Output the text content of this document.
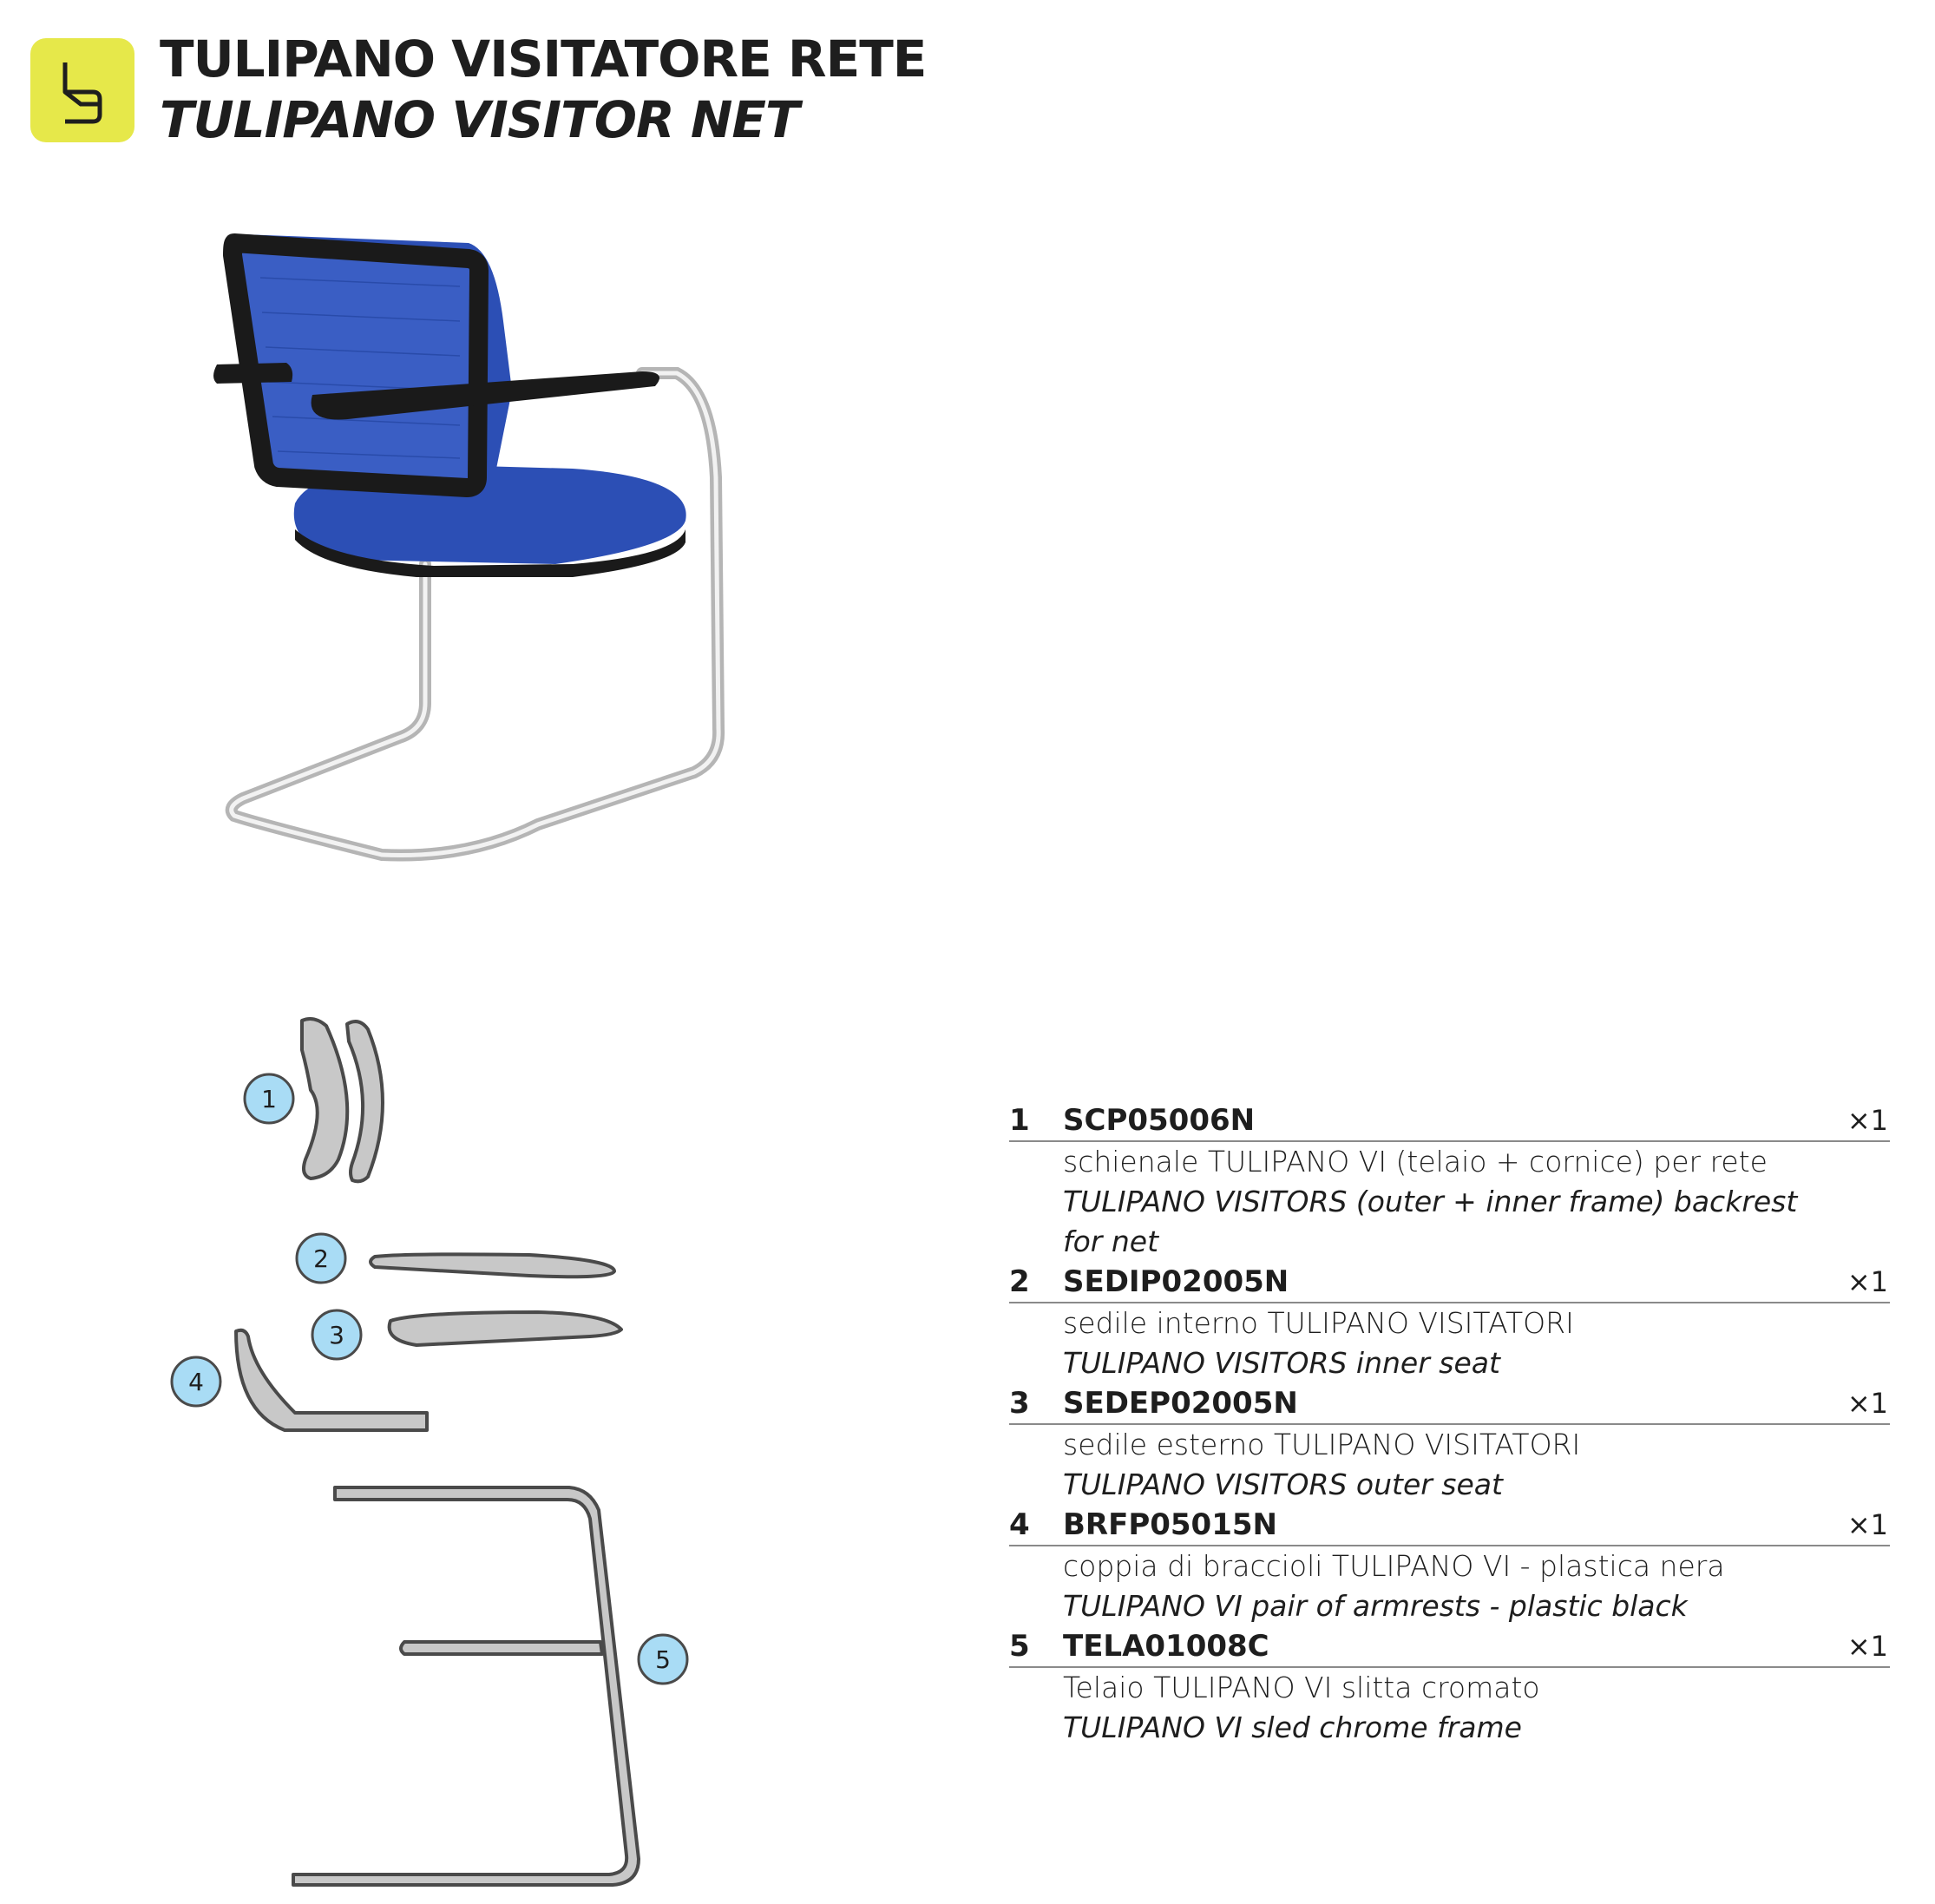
TULIPANO VISITATORE RETE
TULIPANO VISITOR NET
1
2
3
4
5
1 SCP05006N	×1
schienale TULIPANO VI (telaio + cornice) per rete
TULIPANO VISITORS (outer + inner frame) backrest for net
2 SEDIP02005N	×1
sedile interno TULIPANO VISITATORI
TULIPANO VISITORS inner seat
3 SEDEP02005N	×1
sedile esterno TULIPANO VISITATORI
TULIPANO VISITORS outer seat
4 BRFP05015N	×1
coppia di braccioli TULIPANO VI - plastica nera
TULIPANO VI pair of armrests - plastic black
5 TELA01008C	×1
Telaio TULIPANO VI slitta cromato
TULIPANO VI sled chrome frame
